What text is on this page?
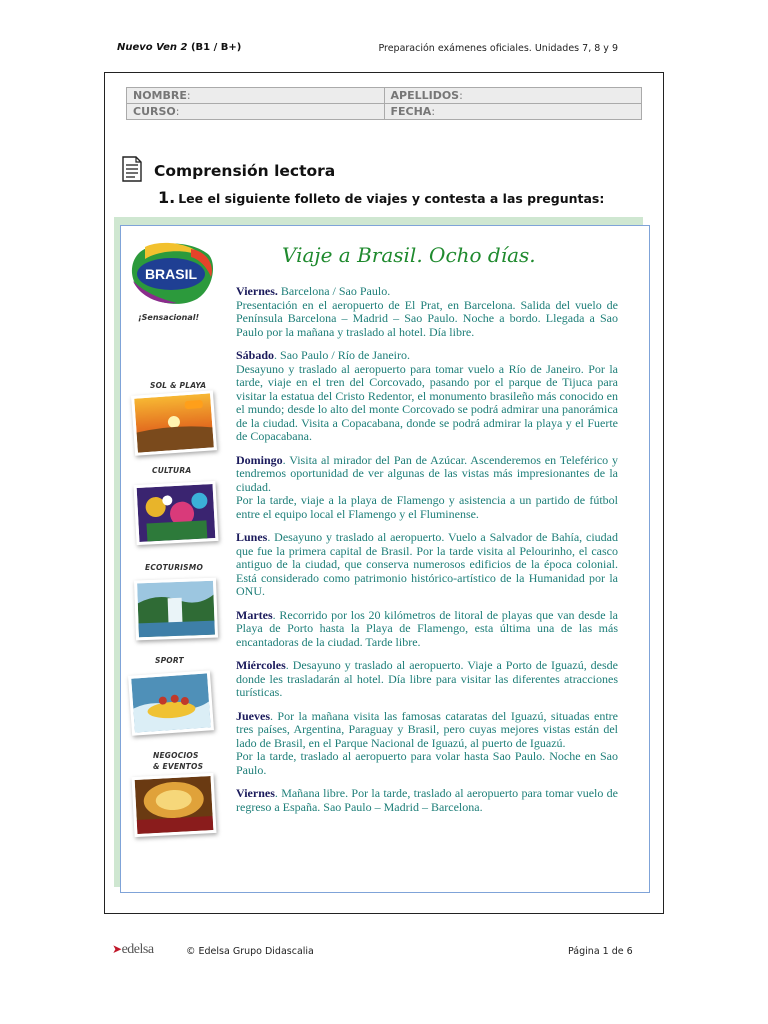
Nuevo Ven 2 (B1 / B+)	Preparación exámenes oficiales. Unidades 7, 8 y 9
NOMBRE:	APELLIDOS:
CURSO:	FECHA:
Comprensión lectora
1. Lee el siguiente folleto de viajes y contesta a las preguntas:
BRASIL
¡Sensacional!
SOL & PLAYA
CULTURA
ECOTURISMO
SPORT
NEGOCIOS
& EVENTOS
Viaje a Brasil. Ocho días.

Viernes. Barcelona / Sao Paulo.

Presentación en el aeropuerto de El Prat, en Barcelona. Salida del vuelo de Península Barcelona – Madrid – Sao Paulo. Noche a bordo. Llegada a Sao Paulo por la mañana y traslado al hotel. Día libre.

Sábado. Sao Paulo / Río de Janeiro.

Desayuno y traslado al aeropuerto para tomar vuelo a Río de Janeiro. Por la tarde, viaje en el tren del Corcovado, pasando por el parque de Tijuca para visitar la estatua del Cristo Redentor, el monumento brasileño más conocido en el mundo; desde lo alto del monte Corcovado se podrá admirar una panorámica de la ciudad. Visita a Copacabana, donde se podrá admirar la playa y el Fuerte de Copacabana.

Domingo. Visita al mirador del Pan de Azúcar. Ascenderemos en Teleférico y tendremos oportunidad de ver algunas de las vistas más impresionantes de la ciudad.

Por la tarde, viaje a la playa de Flamengo y asistencia a un partido de fútbol entre el equipo local el Flamengo y el Fluminense.

Lunes. Desayuno y traslado al aeropuerto. Vuelo a Salvador de Bahía, ciudad que fue la primera capital de Brasil. Por la tarde visita al Pelourinho, el casco antiguo de la ciudad, que conserva numerosos edificios de la época colonial. Está considerado como patrimonio histórico-artístico de la Humanidad por la ONU.

Martes. Recorrido por los 20 kilómetros de litoral de playas que van desde la Playa de Porto hasta la Playa de Flamengo, esta última una de las más encantadoras de la ciudad. Tarde libre.

Miércoles. Desayuno y traslado al aeropuerto. Viaje a Porto de Iguazú, desde donde les trasladarán al hotel. Día libre para visitar las diferentes atracciones turísticas.

Jueves. Por la mañana visita las famosas cataratas del Iguazú, situadas entre tres países, Argentina, Paraguay y Brasil, pero cuyas mejores vistas están del lado de Brasil, en el Parque Nacional de Iguazú, al puerto de Iguazú.

Por la tarde, traslado al aeropuerto para volar hasta Sao Paulo. Noche en Sao Paulo.

Viernes. Mañana libre. Por la tarde, traslado al aeropuerto para tomar vuelo de regreso a España. Sao Paulo – Madrid – Barcelona.

➤edelsa	© Edelsa Grupo Didascalia	Página 1 de 6
